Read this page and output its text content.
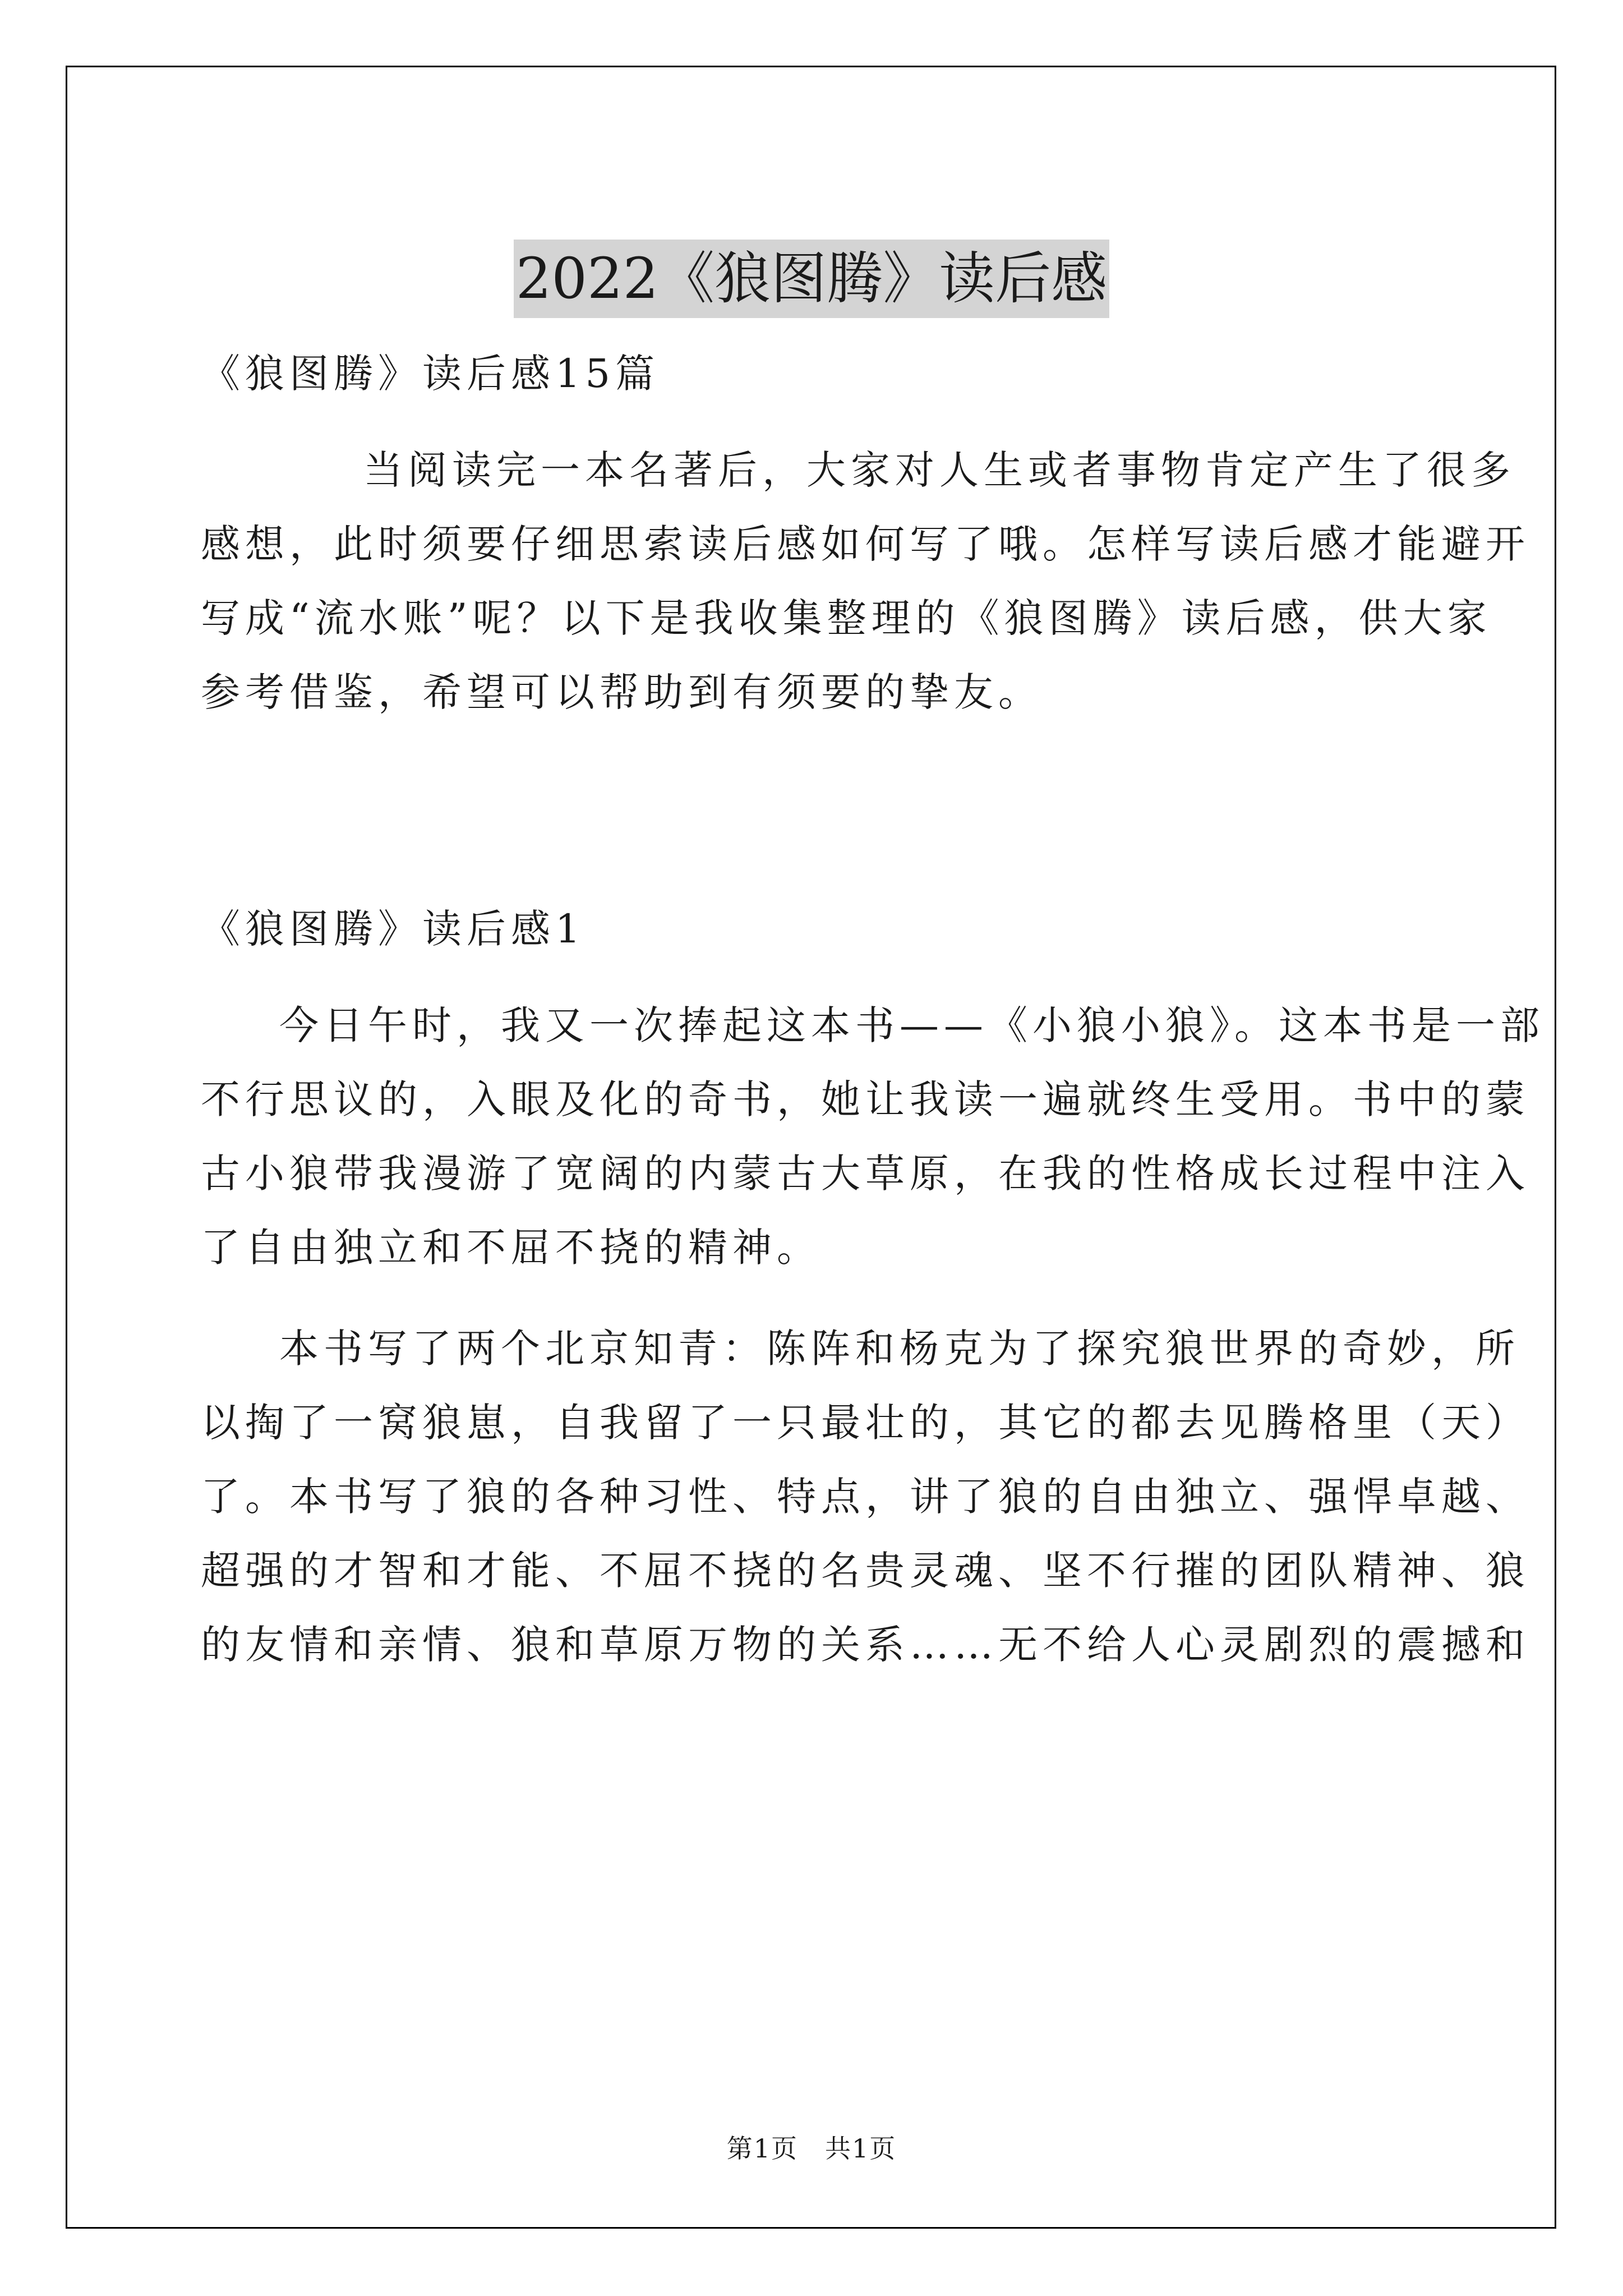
2022《狼图腾》读后感

《狼图腾》读后感15篇

当阅读完一本名著后，大家对人生或者事物肯定产生了很多

感想，此时须要仔细思索读后感如何写了哦。怎样写读后感才能避开

写成“流水账”呢？以下是我收集整理的《狼图腾》读后感，供大家

参考借鉴，希望可以帮助到有须要的挚友。

《狼图腾》读后感1

今日午时，我又一次捧起这本书——《小狼小狼》。这本书是一部

不行思议的，入眼及化的奇书，她让我读一遍就终生受用。书中的蒙

古小狼带我漫游了宽阔的内蒙古大草原，在我的性格成长过程中注入

了自由独立和不屈不挠的精神。

本书写了两个北京知青：陈阵和杨克为了探究狼世界的奇妙，所

以掏了一窝狼崽，自我留了一只最壮的，其它的都去见腾格里（天）

了。本书写了狼的各种习性、特点，讲了狼的自由独立、强悍卓越、

超强的才智和才能、不屈不挠的名贵灵魂、坚不行摧的团队精神、狼

的友情和亲情、狼和草原万物的关系……无不给人心灵剧烈的震撼和

第1页　共1页
